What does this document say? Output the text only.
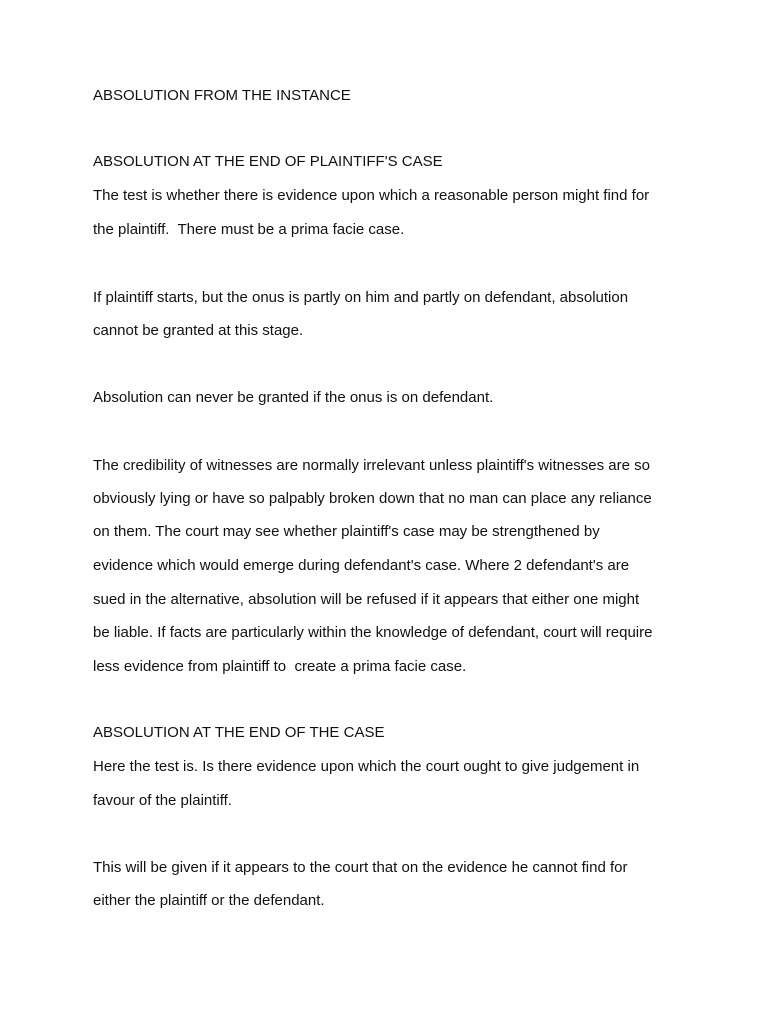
ABSOLUTION FROM THE INSTANCE

ABSOLUTION AT THE END OF PLAINTIFF'S CASE

The test is whether there is evidence upon which a reasonable person might find for

the plaintiff.  There must be a prima facie case.

If plaintiff starts, but the onus is partly on him and partly on defendant, absolution

cannot be granted at this stage.

Absolution can never be granted if the onus is on defendant.

The credibility of witnesses are normally irrelevant unless plaintiff's witnesses are so

obviously lying or have so palpably broken down that no man can place any reliance

on them. The court may see whether plaintiff's case may be strengthened by

evidence which would emerge during defendant's case. Where 2 defendant's are

sued in the alternative, absolution will be refused if it appears that either one might

be liable. If facts are particularly within the knowledge of defendant, court will require

less evidence from plaintiff to  create a prima facie case.

ABSOLUTION AT THE END OF THE CASE

Here the test is. Is there evidence upon which the court ought to give judgement in

favour of the plaintiff.

This will be given if it appears to the court that on the evidence he cannot find for

either the plaintiff or the defendant.
